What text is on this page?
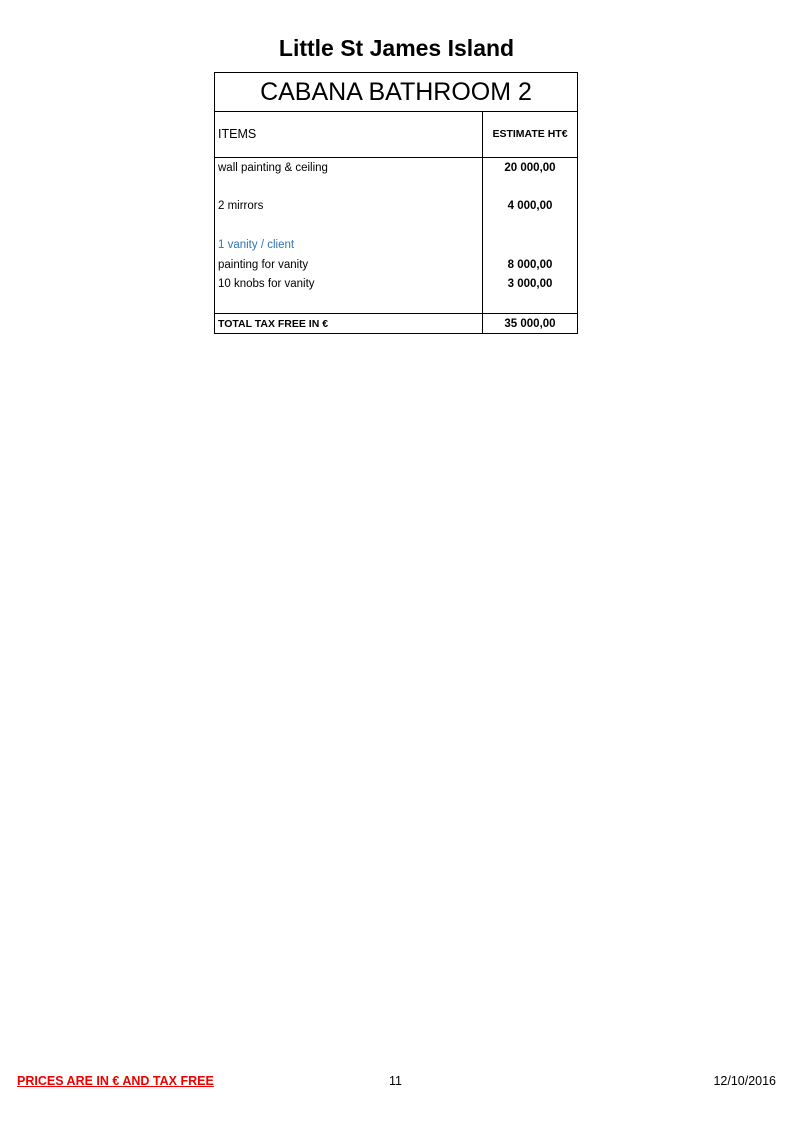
Little St James Island
CABANA BATHROOM 2
ITEMS	ESTIMATE HT€
wall painting & ceiling	20 000,00
2 mirrors	4 000,00
1 vanity / client
painting for vanity	8 000,00
10 knobs for vanity	3 000,00
TOTAL TAX FREE IN €	35 000,00
PRICES ARE IN € AND TAX FREE	11	12/10/2016
